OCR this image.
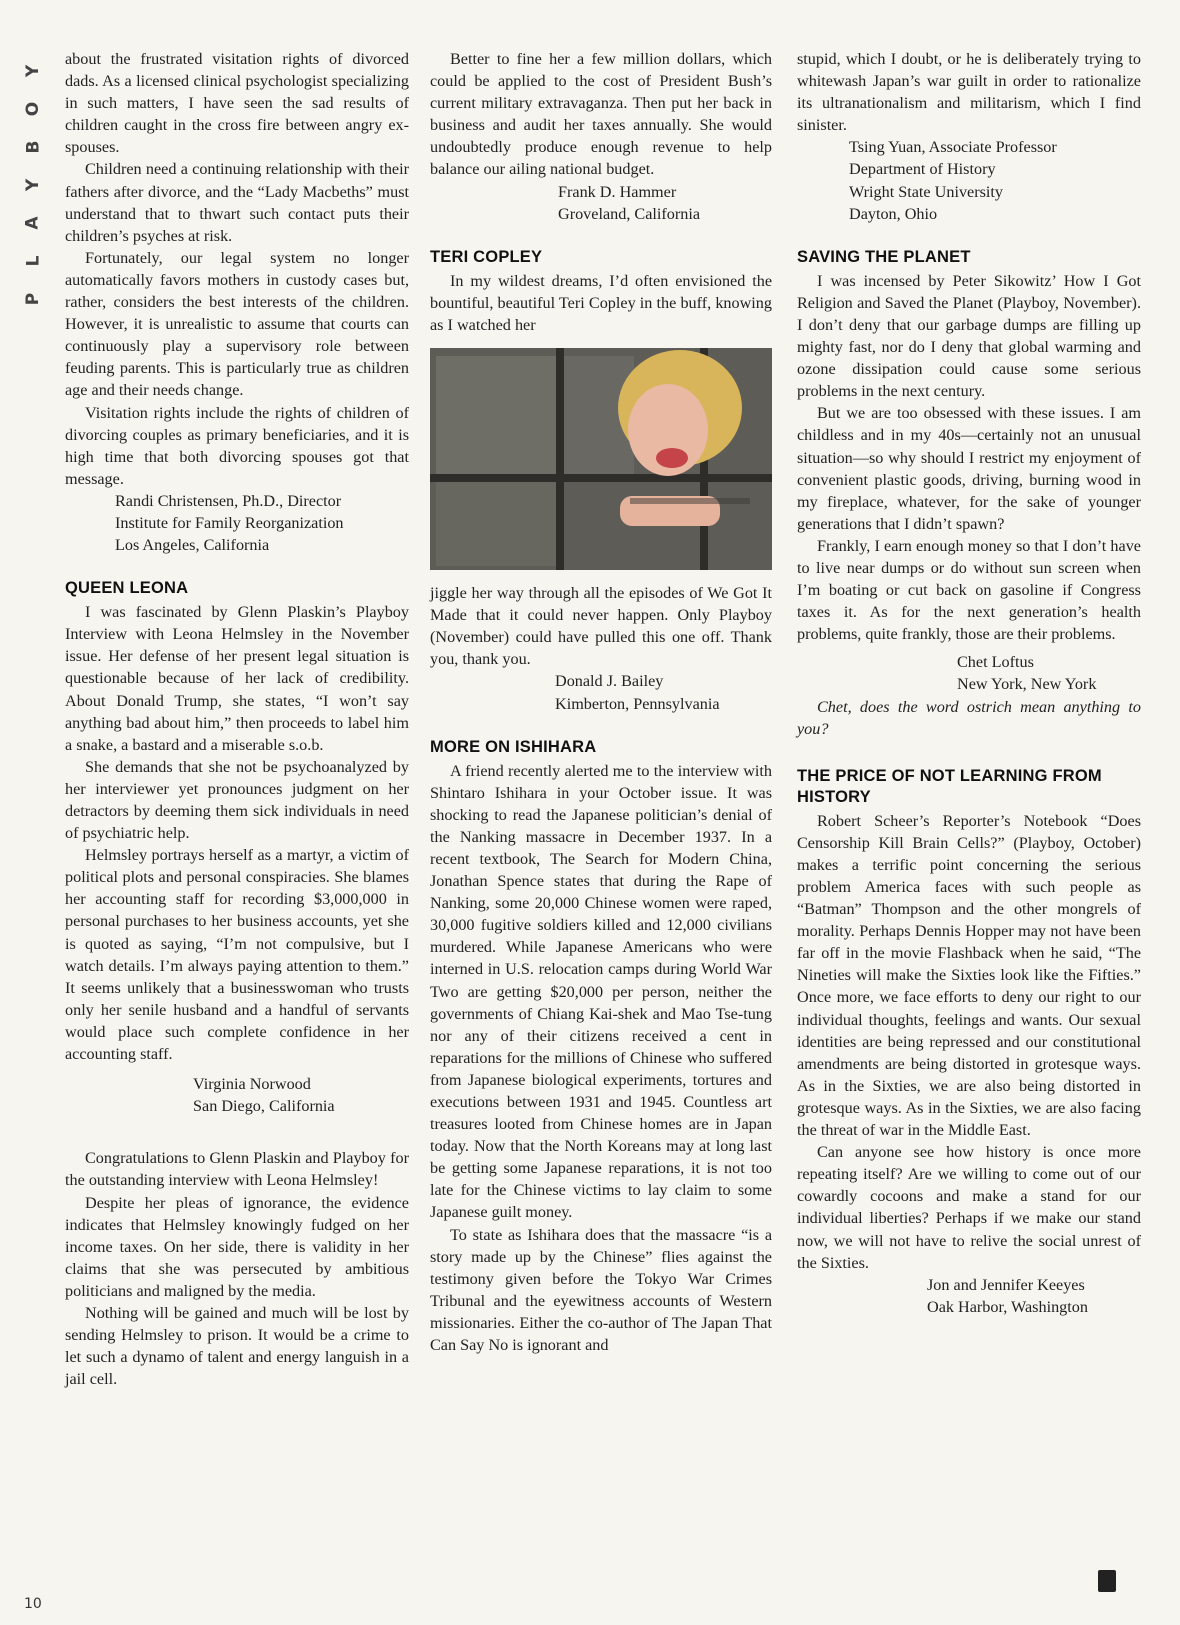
Y
O
B
Y
A
L
P
10

about the frustrated visitation rights of divorced dads. As a licensed clinical psychologist specializing in such matters, I have seen the sad results of children caught in the cross fire between angry ex-spouses.

Children need a continuing relationship with their fathers after divorce, and the “Lady Macbeths” must understand that to thwart such contact puts their children’s psyches at risk.

Fortunately, our legal system no longer automatically favors mothers in custody cases but, rather, considers the best interests of the children. However, it is unrealistic to assume that courts can continuously play a supervisory role between feuding parents. This is particularly true as children age and their needs change.

Visitation rights include the rights of children of divorcing couples as primary beneficiaries, and it is high time that both divorcing spouses got that message.

Randi Christensen, Ph.D., Director
Institute for Family Reorganization
Los Angeles, California
QUEEN LEONA

I was fascinated by Glenn Plaskin’s Playboy Interview with Leona Helmsley in the November issue. Her defense of her present legal situation is questionable because of her lack of credibility. About Donald Trump, she states, “I won’t say anything bad about him,” then proceeds to label him a snake, a bastard and a miserable s.o.b.

She demands that she not be psychoanalyzed by her interviewer yet pronounces judgment on her detractors by deeming them sick individuals in need of psychiatric help.

Helmsley portrays herself as a martyr, a victim of political plots and personal conspiracies. She blames her accounting staff for recording $3,000,000 in personal purchases to her business accounts, yet she is quoted as saying, “I’m not compulsive, but I watch details. I’m always paying attention to them.” It seems unlikely that a businesswoman who trusts only her senile husband and a handful of servants would place such complete confidence in her accounting staff.

Virginia Norwood
San Diego, California

Congratulations to Glenn Plaskin and Playboy for the outstanding interview with Leona Helmsley!

Despite her pleas of ignorance, the evidence indicates that Helmsley knowingly fudged on her income taxes. On her side, there is validity in her claims that she was persecuted by ambitious politicians and maligned by the media.

Nothing will be gained and much will be lost by sending Helmsley to prison. It would be a crime to let such a dynamo of talent and energy languish in a jail cell.

Better to fine her a few million dollars, which could be applied to the cost of President Bush’s current military extravaganza. Then put her back in business and audit her taxes annually. She would undoubtedly produce enough revenue to help balance our ailing national budget.

Frank D. Hammer
Groveland, California
TERI COPLEY

In my wildest dreams, I’d often envisioned the bountiful, beautiful Teri Copley in the buff, knowing as I watched her

jiggle her way through all the episodes of We Got It Made that it could never happen. Only Playboy (November) could have pulled this one off. Thank you, thank you.

Donald J. Bailey
Kimberton, Pennsylvania
MORE ON ISHIHARA

A friend recently alerted me to the interview with Shintaro Ishihara in your October issue. It was shocking to read the Japanese politician’s denial of the Nanking massacre in December 1937. In a recent textbook, The Search for Modern China, Jonathan Spence states that during the Rape of Nanking, some 20,000 Chinese women were raped, 30,000 fugitive soldiers killed and 12,000 civilians murdered. While Japanese Americans who were interned in U.S. relocation camps during World War Two are getting $20,000 per person, neither the governments of Chiang Kai-shek and Mao Tse-tung nor any of their citizens received a cent in reparations for the millions of Chinese who suffered from Japanese biological experiments, tortures and executions between 1931 and 1945. Countless art treasures looted from Chinese homes are in Japan today. Now that the North Koreans may at long last be getting some Japanese reparations, it is not too late for the Chinese victims to lay claim to some Japanese guilt money.

To state as Ishihara does that the massacre “is a story made up by the Chinese” flies against the testimony given before the Tokyo War Crimes Tribunal and the eyewitness accounts of Western missionaries. Either the co-author of The Japan That Can Say No is ignorant and

stupid, which I doubt, or he is deliberately trying to whitewash Japan’s war guilt in order to rationalize its ultranationalism and militarism, which I find sinister.

Tsing Yuan, Associate Professor
Department of History
Wright State University
Dayton, Ohio
SAVING THE PLANET

I was incensed by Peter Sikowitz’ How I Got Religion and Saved the Planet (Playboy, November). I don’t deny that our garbage dumps are filling up mighty fast, nor do I deny that global warming and ozone dissipation could cause some serious problems in the next century.

But we are too obsessed with these issues. I am childless and in my 40s—certainly not an unusual situation—so why should I restrict my enjoyment of convenient plastic goods, driving, burning wood in my fireplace, whatever, for the sake of younger generations that I didn’t spawn?

Frankly, I earn enough money so that I don’t have to live near dumps or do without sun screen when I’m boating or cut back on gasoline if Congress taxes it. As for the next generation’s health problems, quite frankly, those are their problems.

Chet Loftus
New York, New York

Chet, does the word ostrich mean anything to you?

THE PRICE OF NOT LEARNING FROM HISTORY

Robert Scheer’s Reporter’s Notebook “Does Censorship Kill Brain Cells?” (Playboy, October) makes a terrific point concerning the serious problem America faces with such people as “Batman” Thompson and the other mongrels of morality. Perhaps Dennis Hopper may not have been far off in the movie Flashback when he said, “The Nineties will make the Sixties look like the Fifties.” Once more, we face efforts to deny our right to our individual thoughts, feelings and wants. Our sexual identities are being repressed and our constitutional amendments are being distorted in grotesque ways. As in the Sixties, we are also being distorted in grotesque ways. As in the Sixties, we are also facing the threat of war in the Middle East.

Can anyone see how history is once more repeating itself? Are we willing to come out of our cowardly cocoons and make a stand for our individual liberties? Perhaps if we make our stand now, we will not have to relive the social unrest of the Sixties.

Jon and Jennifer Keeyes
Oak Harbor, Washington
